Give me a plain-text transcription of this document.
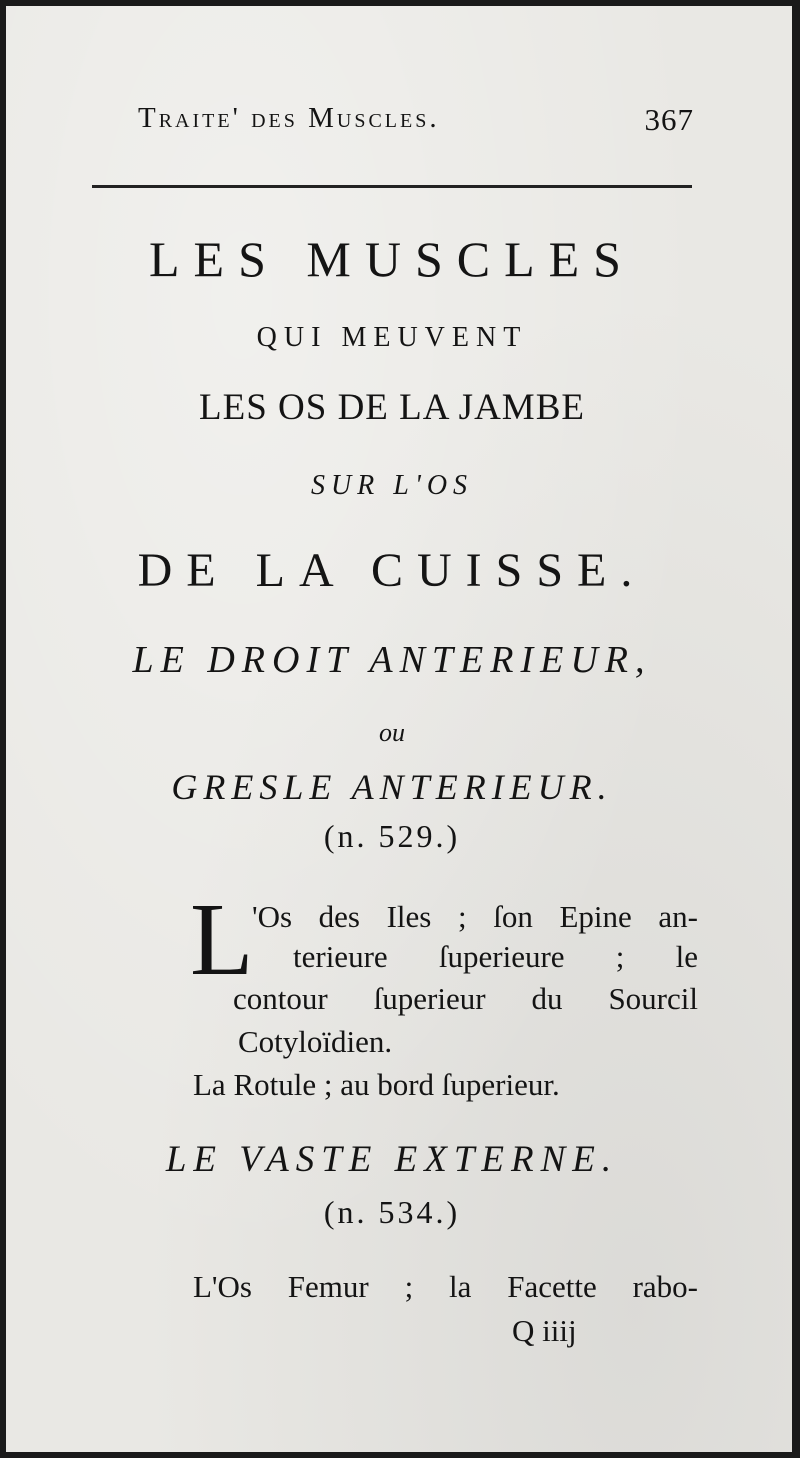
Traite' des Muscles.	367
LES MUSCLES
QUI MEUVENT
LES OS DE LA JAMBE
SUR L'OS
DE LA CUISSE.
LE DROIT ANTERIEUR,
ou
GRESLE ANTERIEUR.
(n. 529.)
L
'Os des Iles ; ſon Epine an-
terieure ſuperieure ; le
contour ſuperieur du Sourcil
Cotyloïdien.
La Rotule ; au bord ſuperieur.
LE VASTE EXTERNE.
(n. 534.)
L'Os Femur ; la Facette rabo-
Q iiij
